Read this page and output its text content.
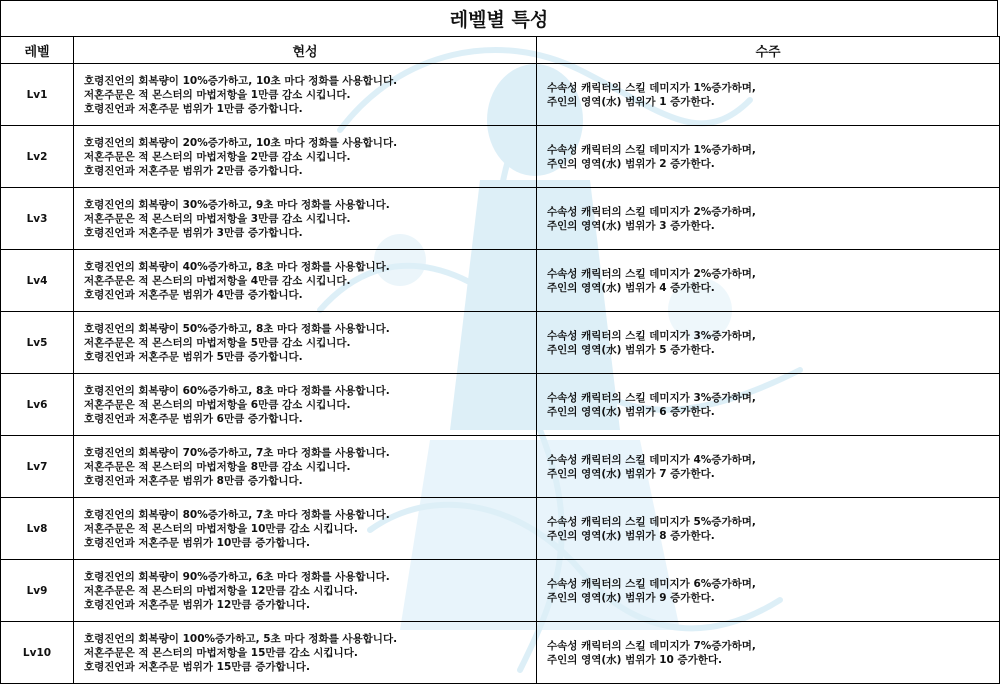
레벨별 특성
레벨	현성	수주
Lv1	호령진언의 회복량이 10%증가하고, 10초 마다 정화를 사용합니다.
저혼주문은 적 몬스터의 마법저항을 1만큼 감소 시킵니다.
호령진언과 저혼주문 범위가 1만큼 증가합니다.	수속성 캐릭터의 스킬 데미지가 1%증가하며,
주인의 영역(水) 범위가 1 증가한다.

Lv2	호령진언의 회복량이 20%증가하고, 10초 마다 정화를 사용합니다.
저혼주문은 적 몬스터의 마법저항을 2만큼 감소 시킵니다.
호령진언과 저혼주문 범위가 2만큼 증가합니다.	수속성 캐릭터의 스킬 데미지가 1%증가하며,
주인의 영역(水) 범위가 2 증가한다.

Lv3	호령진언의 회복량이 30%증가하고, 9초 마다 정화를 사용합니다.
저혼주문은 적 몬스터의 마법저항을 3만큼 감소 시킵니다.
호령진언과 저혼주문 범위가 3만큼 증가합니다.	수속성 캐릭터의 스킬 데미지가 2%증가하며,
주인의 영역(水) 범위가 3 증가한다.

Lv4	호령진언의 회복량이 40%증가하고, 8초 마다 정화를 사용합니다.
저혼주문은 적 몬스터의 마법저항을 4만큼 감소 시킵니다.
호령진언과 저혼주문 범위가 4만큼 증가합니다.	수속성 캐릭터의 스킬 데미지가 2%증가하며,
주인의 영역(水) 범위가 4 증가한다.

Lv5	호령진언의 회복량이 50%증가하고, 8초 마다 정화를 사용합니다.
저혼주문은 적 몬스터의 마법저항을 5만큼 감소 시킵니다.
호령진언과 저혼주문 범위가 5만큼 증가합니다.	수속성 캐릭터의 스킬 데미지가 3%증가하며,
주인의 영역(水) 범위가 5 증가한다.

Lv6	호령진언의 회복량이 60%증가하고, 8초 마다 정화를 사용합니다.
저혼주문은 적 몬스터의 마법저항을 6만큼 감소 시킵니다.
호령진언과 저혼주문 범위가 6만큼 증가합니다.	수속성 캐릭터의 스킬 데미지가 3%증가하며,
주인의 영역(水) 범위가 6 증가한다.

Lv7	호령진언의 회복량이 70%증가하고, 7초 마다 정화를 사용합니다.
저혼주문은 적 몬스터의 마법저항을 8만큼 감소 시킵니다.
호령진언과 저혼주문 범위가 8만큼 증가합니다.	수속성 캐릭터의 스킬 데미지가 4%증가하며,
주인의 영역(水) 범위가 7 증가한다.

Lv8	호령진언의 회복량이 80%증가하고, 7초 마다 정화를 사용합니다.
저혼주문은 적 몬스터의 마법저항을 10만큼 감소 시킵니다.
호령진언과 저혼주문 범위가 10만큼 증가합니다.	수속성 캐릭터의 스킬 데미지가 5%증가하며,
주인의 영역(水) 범위가 8 증가한다.

Lv9	호령진언의 회복량이 90%증가하고, 6초 마다 정화를 사용합니다.
저혼주문은 적 몬스터의 마법저항을 12만큼 감소 시킵니다.
호령진언과 저혼주문 범위가 12만큼 증가합니다.	수속성 캐릭터의 스킬 데미지가 6%증가하며,
주인의 영역(水) 범위가 9 증가한다.

Lv10	호령진언의 회복량이 100%증가하고, 5초 마다 정화를 사용합니다.
저혼주문은 적 몬스터의 마법저항을 15만큼 감소 시킵니다.
호령진언과 저혼주문 범위가 15만큼 증가합니다.	수속성 캐릭터의 스킬 데미지가 7%증가하며,
주인의 영역(水) 범위가 10 증가한다.
